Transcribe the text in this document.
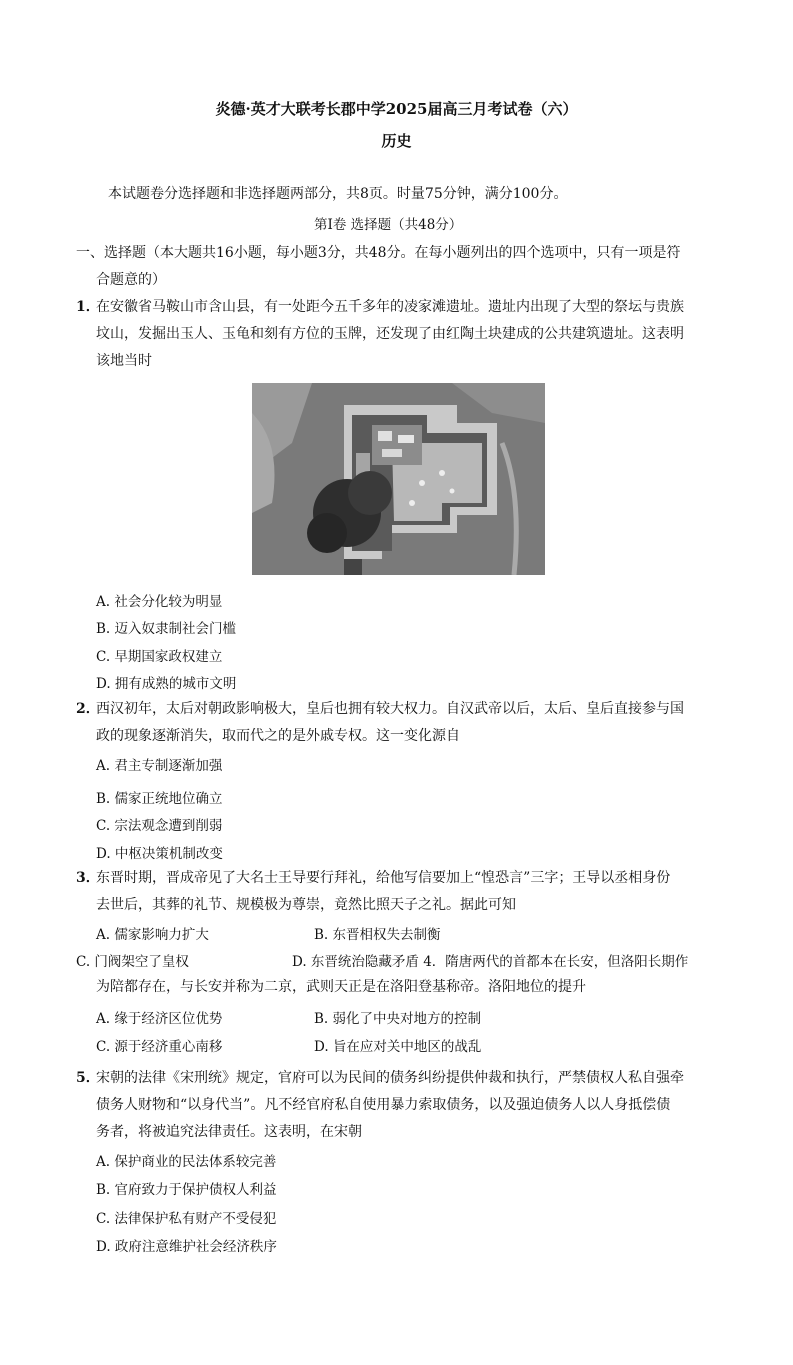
炎德·英才大联考长郡中学2025届高三月考试卷（六）
历史
本试题卷分选择题和非选择题两部分，共8页。时量75分钟，满分100分。
第Ⅰ卷 选择题（共48分）
一、选择题（本大题共16小题，每小题3分，共48分。在每小题列出的四个选项中，只有一项是符
合题意的）
1．
在安徽省马鞍山市含山县，有一处距今五千多年的凌家滩遗址。遗址内出现了大型的祭坛与贵族
坟山，发掘出玉人、玉龟和刻有方位的玉牌，还发现了由红陶土块建成的公共建筑遗址。这表明
该地当时
A. 社会分化较为明显
B. 迈入奴隶制社会门槛
C. 早期国家政权建立
D. 拥有成熟的城市文明
2．
西汉初年，太后对朝政影响极大，皇后也拥有较大权力。自汉武帝以后，太后、皇后直接参与国
政的现象逐渐消失，取而代之的是外戚专权。这一变化源自
A. 君主专制逐渐加强
B. 儒家正统地位确立
C. 宗法观念遭到削弱
D. 中枢决策机制改变
3．
东晋时期，晋成帝见了大名士王导要行拜礼，给他写信要加上“惶恐言”三字；王导以丞相身份
去世后，其葬的礼节、规模极为尊崇，竟然比照天子之礼。据此可知
A. 儒家影响力扩大	B. 东晋相权失去制衡
C. 门阀架空了皇权	D. 东晋统治隐藏矛盾 4．隋唐两代的首都本在长安，但洛阳长期作
为陪都存在，与长安并称为二京，武则天正是在洛阳登基称帝。洛阳地位的提升
A. 缘于经济区位优势	B. 弱化了中央对地方的控制
C. 源于经济重心南移	D. 旨在应对关中地区的战乱
5．
宋朝的法律《宋刑统》规定，官府可以为民间的债务纠纷提供仲裁和执行，严禁债权人私自强牵
债务人财物和“以身代当”。凡不经官府私自使用暴力索取债务，以及强迫债务人以人身抵偿债
务者，将被追究法律责任。这表明，在宋朝
A. 保护商业的民法体系较完善
B. 官府致力于保护债权人利益
C. 法律保护私有财产不受侵犯
D. 政府注意维护社会经济秩序
